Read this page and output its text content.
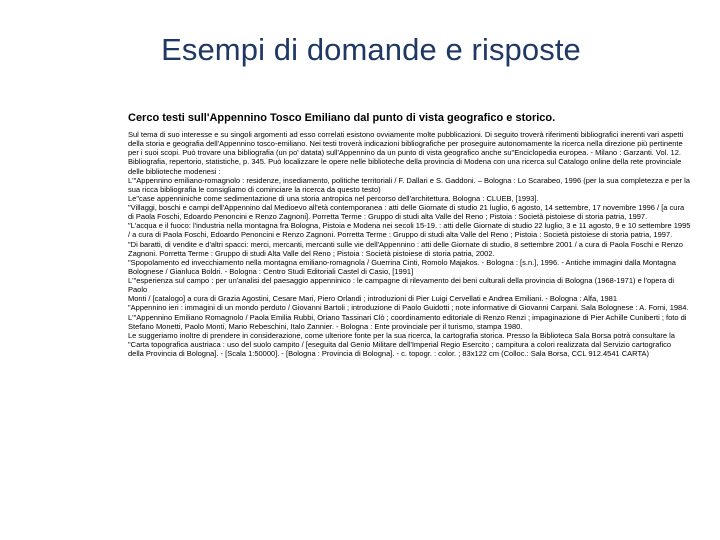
Esempi di domande e risposte

Cerco testi sull'Appennino Tosco Emiliano dal punto di vista geografico e storico.

Sul tema di suo interesse e su singoli argomenti ad esso correlati esistono ovviamente molte pubblicazioni. Di seguito troverà riferimenti bibliografici inerenti vari aspetti della storia e geografia dell'Appennino tosco-emiliano. Nei testi troverà indicazioni bibliografiche per proseguire autonomamente la ricerca nella direzione più pertinente per i suoi scopi. Può trovare una bibliografia (un po' datata) sull'Appennino da un punto di vista geografico anche su"Enciclopedia europea. - Milano : Garzanti. Vol. 12.
Bibliografia, repertorio, statistiche, p. 345. Può localizzare le opere nelle biblioteche della provincia di Modena con una ricerca sul Catalogo online della rete provinciale delle biblioteche modenesi :
L'"Appennino emiliano-romagnolo : residenze, insediamento, politiche territoriali / F. Dallari e S. Gaddoni. – Bologna : Lo Scarabeo, 1996 (per la sua completezza e per la sua ricca bibliografia le consigliamo di cominciare la ricerca da questo testo)
Le"case appenniniche come sedimentazione di una storia antropica nel percorso dell'architettura. Bologna : CLUEB, [1993].
"Villaggi, boschi e campi dell'Appennino dal Medioevo all'età contemporanea : atti delle Giornate di studio 21 luglio, 6 agosto, 14 settembre, 17 novembre 1996 / [a cura
di Paola Foschi, Edoardo Penoncini e Renzo Zagnoni]. Porretta Terme : Gruppo di studi alta Valle del Reno ; Pistoia : Società pistoiese di storia patria, 1997.
"L'acqua e il fuoco: l'industria nella montagna fra Bologna, Pistoia e Modena nei secoli 15-19. : atti delle Giornate di studio 22 luglio, 3 e 11 agosto, 9 e 10 settembre 1995 / a cura di Paola Foschi, Edoardo Penoncini e Renzo Zagnoni. Porretta Terme : Gruppo di studi alta Valle del Reno ; Pistoia : Società pistoiese di storia patria, 1997.
"Di baratti, di vendite e d'altri spacci: merci, mercanti, mercanti sulle vie dell'Appennino : atti delle Giornate di studio, 8 settembre 2001 / a cura di Paola Foschi e Renzo
Zagnoni. Porretta Terme : Gruppo di studi Alta Valle del Reno ; Pistoia : Società pistoiese di storia patria, 2002.
"Spopolamento ed invecchiamento nella montagna emiliano-romagnola / Guerrina Cinti, Romolo Majakos. - Bologna : [s.n.], 1996. - Antiche immagini dalla Montagna
Bolognese / Gianluca Boldri. - Bologna : Centro Studi Editoriali Castel di Casio, [1991]
L'"esperienza sul campo : per un'analisi del paesaggio appenninico : le campagne di rilevamento dei beni culturali della provincia di Bologna (1968-1971) e l'opera di Paolo
Monti / [catalogo] a cura di Grazia Agostini, Cesare Mari, Piero Orlandi ; introduzioni di Pier Luigi Cervellati e Andrea Emiliani. - Bologna : Alfa, 1981
"Appennino ieri : immagini di un mondo perduto / Giovanni Bartoli ; introduzione di Paolo Guidotti ; note informative di Giovanni Carpani. Sala Bolognese : A. Forni, 1984.
L'"Appennino Emiliano Romagnolo / Paola Emilia Rubbi, Oriano Tassinari Clò ; coordinamento editoriale di Renzo Renzi ; impaginazione di Pier Achille Cuniberti ; foto di
Stefano Monetti, Paolo Monti, Mario Rebeschini, Italo Zannier. - Bologna : Ente provinciale per il turismo, stampa 1980.
Le suggeriamo inoltre di prendere in considerazione, come ulteriore fonte per la sua ricerca, la cartografia storica. Presso la Biblioteca Sala Borsa potrà consultare la
"Carta topografica austriaca : uso del suolo campito / [eseguita dal Genio Militare dell'Imperial Regio Esercito ; campitura a colori realizzata dal Servizio cartografico
della Provincia di Bologna]. - [Scala 1:50000]. - [Bologna : Provincia di Bologna]. - c. topogr. : color. ; 83x122 cm (Colloc.: Sala Borsa, CCL 912.4541 CARTA)
